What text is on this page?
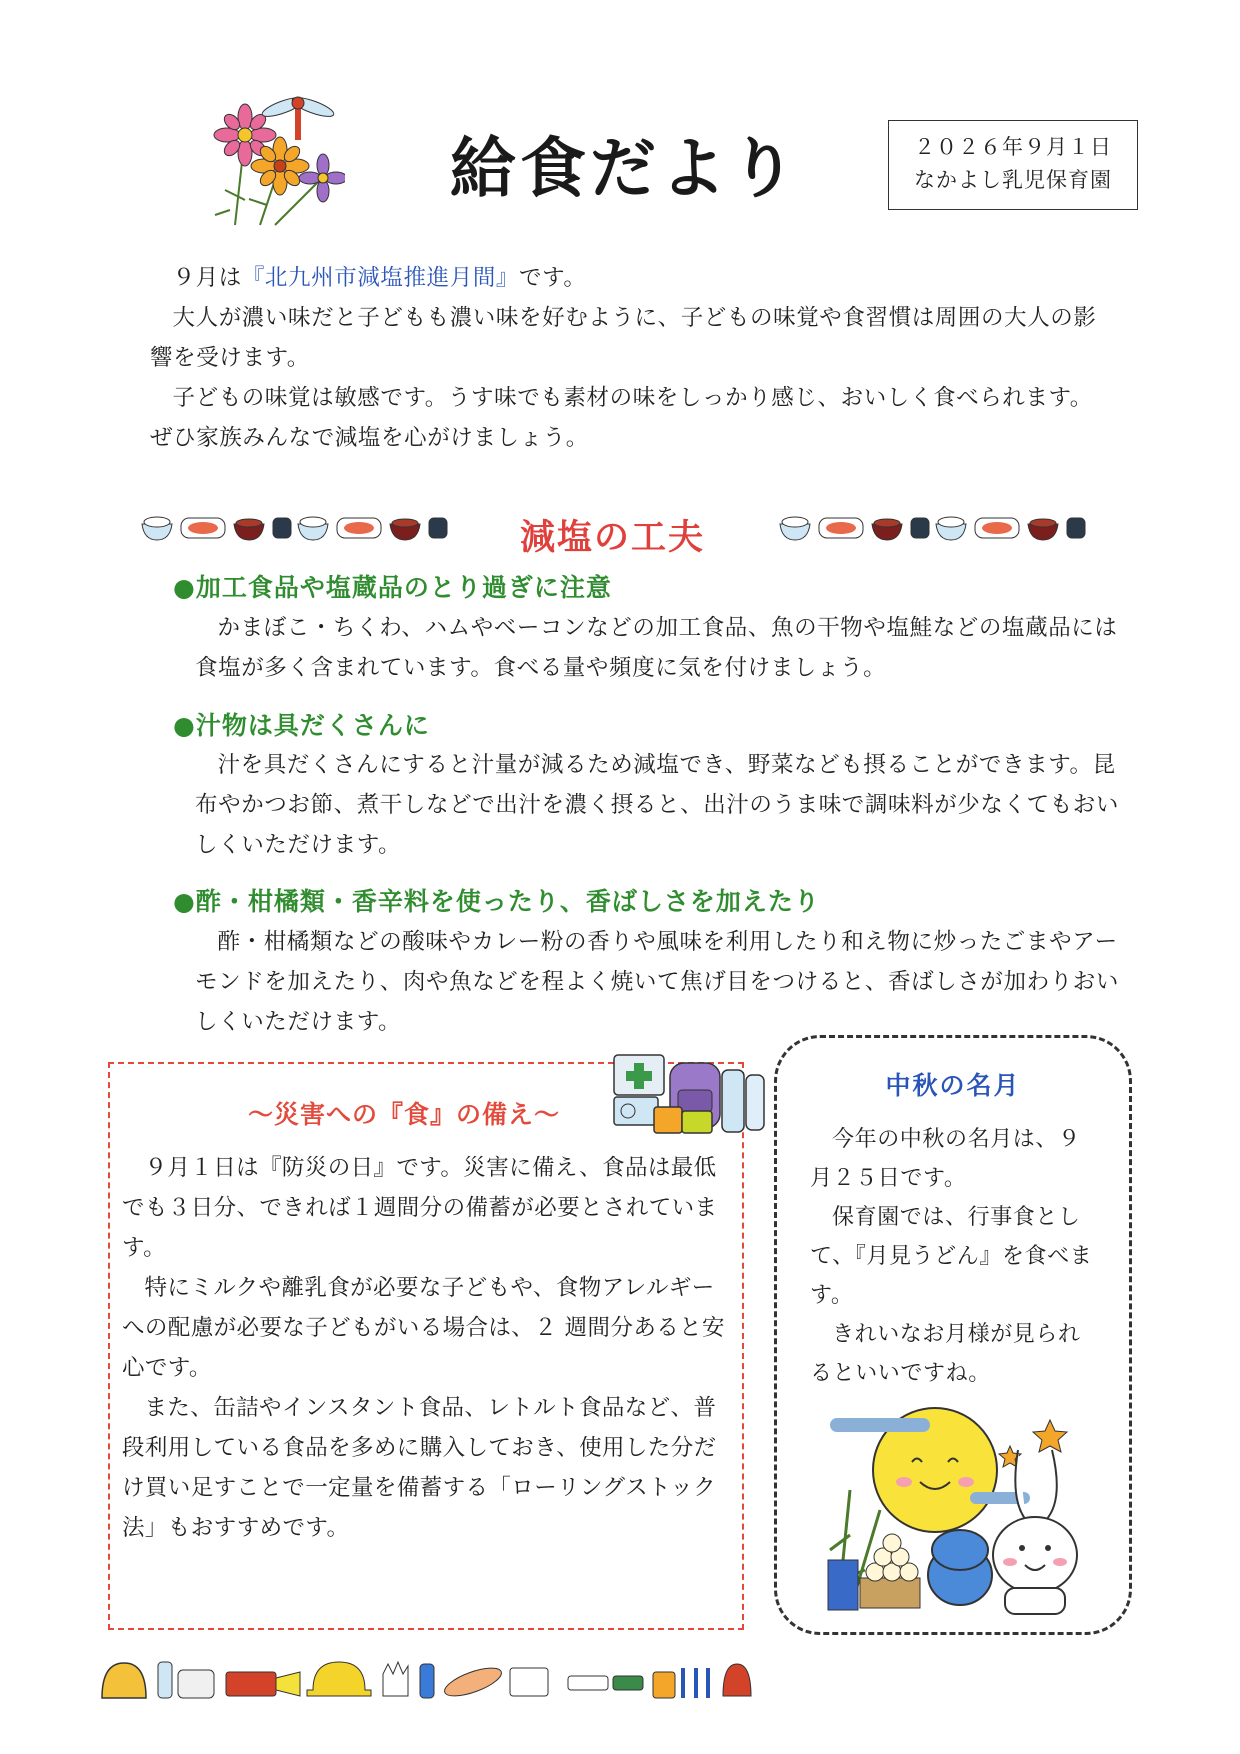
給食だより	２０２６年９月１日
なかよし乳児保育園

９月は『北九州市減塩推進月間』です。

大人が濃い味だと子どもも濃い味を好むように、子どもの味覚や食習慣は周囲の大人の影響を受けます。

子どもの味覚は敏感です。うす味でも素材の味をしっかり感じ、おいしく食べられます。ぜひ家族みんなで減塩を心がけましょう。

減塩の工夫
●加工食品や塩蔵品のとり過ぎに注意

かまぼこ・ちくわ、ハムやベーコンなどの加工食品、魚の干物や塩鮭などの塩蔵品には食塩が多く含まれています。食べる量や頻度に気を付けましょう。

●汁物は具だくさんに

汁を具だくさんにすると汁量が減るため減塩でき、野菜なども摂ることができます。昆布やかつお節、煮干しなどで出汁を濃く摂ると、出汁のうま味で調味料が少なくてもおいしくいただけます。

●酢・柑橘類・香辛料を使ったり、香ばしさを加えたり

酢・柑橘類などの酸味やカレー粉の香りや風味を利用したり和え物に炒ったごまやアーモンドを加えたり、肉や魚などを程よく焼いて焦げ目をつけると、香ばしさが加わりおいしくいただけます。

～災害への『食』の備え～

９月１日は『防災の日』です。災害に備え、食品は最低でも３日分、できれば１週間分の備蓄が必要とされています。

特にミルクや離乳食が必要な子どもや、食物アレルギーへの配慮が必要な子どもがいる場合は、２ 週間分あると安心です。

また、缶詰やインスタント食品、レトルト食品など、普段利用している食品を多めに購入しておき、使用した分だけ買い足すことで一定量を備蓄する「ローリングストック法」もおすすめです。

中秋の名月

今年の中秋の名月は、９月２５日です。

保育園では、行事食として、『月見うどん』を食べます。

きれいなお月様が見られるといいですね。
